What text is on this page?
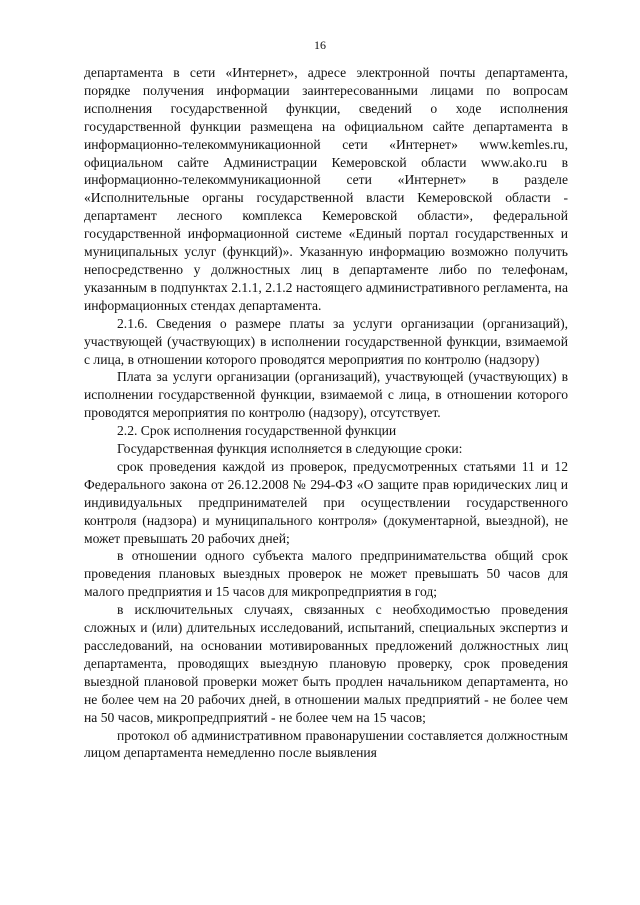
16

департамента в сети «Интернет», адресе электронной почты департамента, порядке получения информации заинтересованными лицами по вопросам исполнения государственной функции, сведений о ходе исполнения государственной функции размещена на официальном сайте департамента в информационно-телекоммуникационной сети «Интернет» www.kemles.ru, официальном сайте Администрации Кемеровской области www.ako.ru в информационно-телекоммуникационной сети «Интернет» в разделе «Исполнительные органы государственной власти Кемеровской области - департамент лесного комплекса Кемеровской области», федеральной государственной информационной системе «Единый портал государственных и муниципальных услуг (функций)». Указанную информацию возможно получить непосредственно у должностных лиц в департаменте либо по телефонам, указанным в подпунктах 2.1.1, 2.1.2 настоящего административного регламента, на информационных стендах департамента.

2.1.6. Сведения о размере платы за услуги организации (организаций), участвующей (участвующих) в исполнении государственной функции, взимаемой с лица, в отношении которого проводятся мероприятия по контролю (надзору)

Плата за услуги организации (организаций), участвующей (участвующих) в исполнении государственной функции, взимаемой с лица, в отношении которого проводятся мероприятия по контролю (надзору), отсутствует.

2.2. Срок исполнения государственной функции

Государственная функция исполняется в следующие сроки:

срок проведения каждой из проверок, предусмотренных статьями 11 и 12 Федерального закона от 26.12.2008 № 294-ФЗ «О защите прав юридических лиц и индивидуальных предпринимателей при осуществлении государственного контроля (надзора) и муниципального контроля» (документарной, выездной), не может превышать 20 рабочих дней;

в отношении одного субъекта малого предпринимательства общий срок проведения плановых выездных проверок не может превышать 50 часов для малого предприятия и 15 часов для микропредприятия в год;

в исключительных случаях, связанных с необходимостью проведения сложных и (или) длительных исследований, испытаний, специальных экспертиз и расследований, на основании мотивированных предложений должностных лиц департамента, проводящих выездную плановую проверку, срок проведения выездной плановой проверки может быть продлен начальником департамента, но не более чем на 20 рабочих дней, в отношении малых предприятий - не более чем на 50 часов, микропредприятий - не более чем на 15 часов;

протокол об административном правонарушении составляется должностным лицом департамента немедленно после выявления
